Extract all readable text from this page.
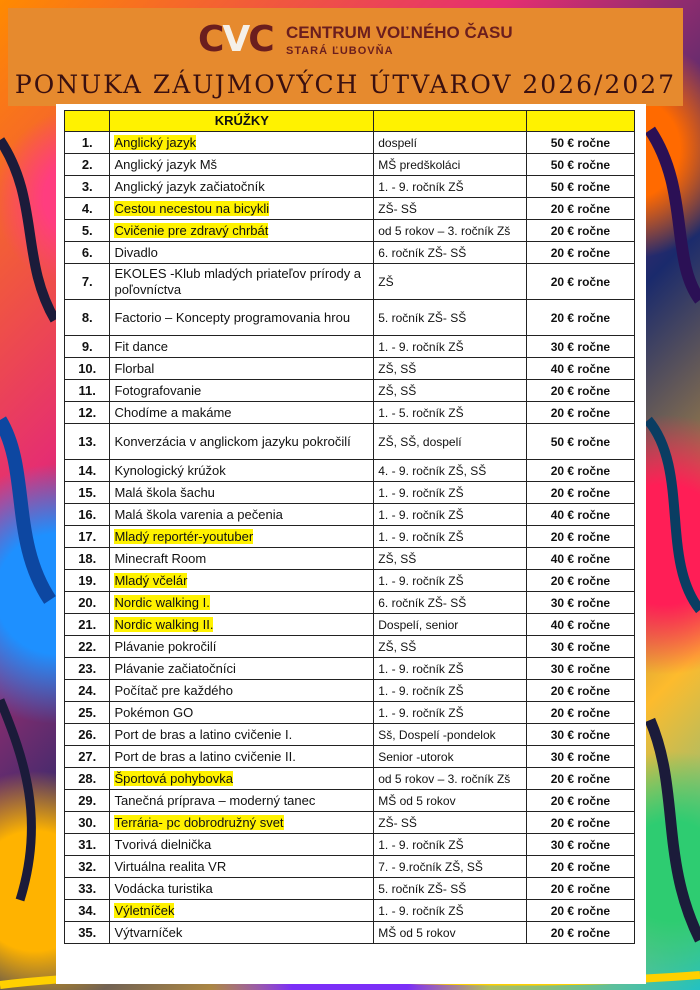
CVC CENTRUM VOĽNÉHO ČASU
STARÁ ĽUBOVŇA
PONUKA ZÁUJMOVÝCH ÚTVAROV 2026/2027
	KRÚŽKY		
1.	Anglický jazyk	dospelí	50 € ročne
2.	Anglický jazyk Mš	MŠ predškoláci	50 € ročne
3.	Anglický jazyk začiatočník	1. - 9. ročník ZŠ	50 € ročne
4.	Cestou necestou na bicykli	ZŠ- SŠ	20 € ročne
5.	Cvičenie pre zdravý chrbát	od 5 rokov – 3. ročník Zš	20 € ročne
6.	Divadlo	6. ročník ZŠ- SŠ	20 € ročne
7.	EKOLES -Klub mladých priateľov prírody a poľovníctva	ZŠ	20 € ročne
8.	Factorio – Koncepty programovania hrou	5. ročník ZŠ- SŠ	20 € ročne
9.	Fit dance	1. - 9. ročník ZŠ	30 € ročne
10.	Florbal	ZŠ, SŠ	40 € ročne
11.	Fotografovanie	ZŠ, SŠ	20 € ročne
12.	Chodíme a makáme	1. - 5. ročník ZŠ	20 € ročne
13.	Konverzácia v anglickom jazyku pokročilí	ZŠ, SŠ, dospelí	50 € ročne
14.	Kynologický krúžok	4. - 9. ročník ZŠ, SŠ	20 € ročne
15.	Malá škola šachu	1. - 9. ročník ZŠ	20 € ročne
16.	Malá škola varenia a pečenia	1. - 9. ročník ZŠ	40 € ročne
17.	Mladý reportér-youtuber	1. - 9. ročník ZŠ	20 € ročne
18.	Minecraft Room	ZŠ, SŠ	40 € ročne
19.	Mladý včelár	1. - 9. ročník ZŠ	20 € ročne
20.	Nordic walking I.	6. ročník ZŠ- SŠ	30 € ročne
21.	Nordic walking II.	Dospelí, senior	40 € ročne
22.	Plávanie pokročilí	ZŠ, SŠ	30 € ročne
23.	Plávanie začiatočníci	1. - 9. ročník ZŠ	30 € ročne
24.	Počítač pre každého	1. - 9. ročník ZŠ	20 € ročne
25.	Pokémon GO	1. - 9. ročník ZŠ	20 € ročne
26.	Port de bras a latino cvičenie I.	Sš, Dospelí -pondelok	30 € ročne
27.	Port de bras a latino cvičenie II.	Senior -utorok	30 € ročne
28.	Športová pohybovka	od 5 rokov – 3. ročník Zš	20 € ročne
29.	Tanečná príprava – moderný tanec	MŠ od 5 rokov	20 € ročne
30.	Terrária- pc dobrodružný svet	ZŠ- SŠ	20 € ročne
31.	Tvorivá dielnička	1. - 9. ročník ZŠ	30 € ročne
32.	Virtuálna realita VR	7. - 9.ročník ZŠ, SŠ	20 € ročne
33.	Vodácka turistika	5. ročník ZŠ- SŠ	20 € ročne
34.	Výletníček	1. - 9. ročník ZŠ	20 € ročne
35.	Výtvarníček	MŠ od 5 rokov	20 € ročne
